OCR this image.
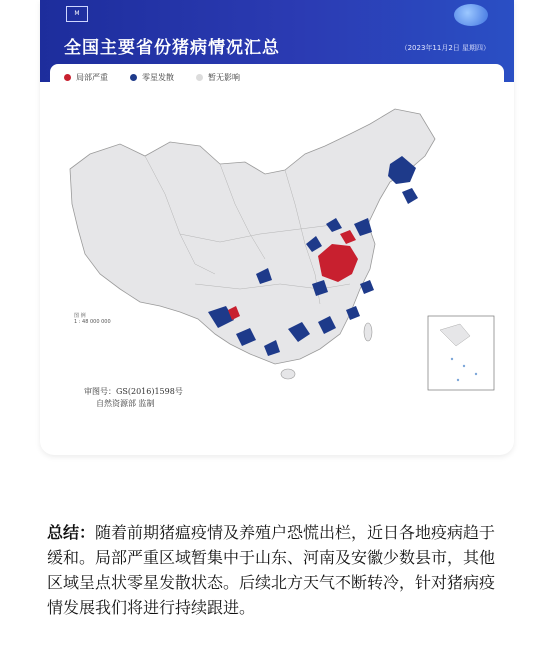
M
全国主要省份猪病情况汇总	（2023年11月2日 星期四）
局部严重	零星发散	暂无影响
图 例
1 : 48 000 000
审图号：GS(2016)1598号
自然资源部 监制
总结：随着前期猪瘟疫情及养殖户恐慌出栏，近日各地疫病趋于缓和。局部严重区域暂集中于山东、河南及安徽少数县市，其他区域呈点状零星发散状态。后续北方天气不断转冷，针对猪病疫情发展我们将进行持续跟进。
